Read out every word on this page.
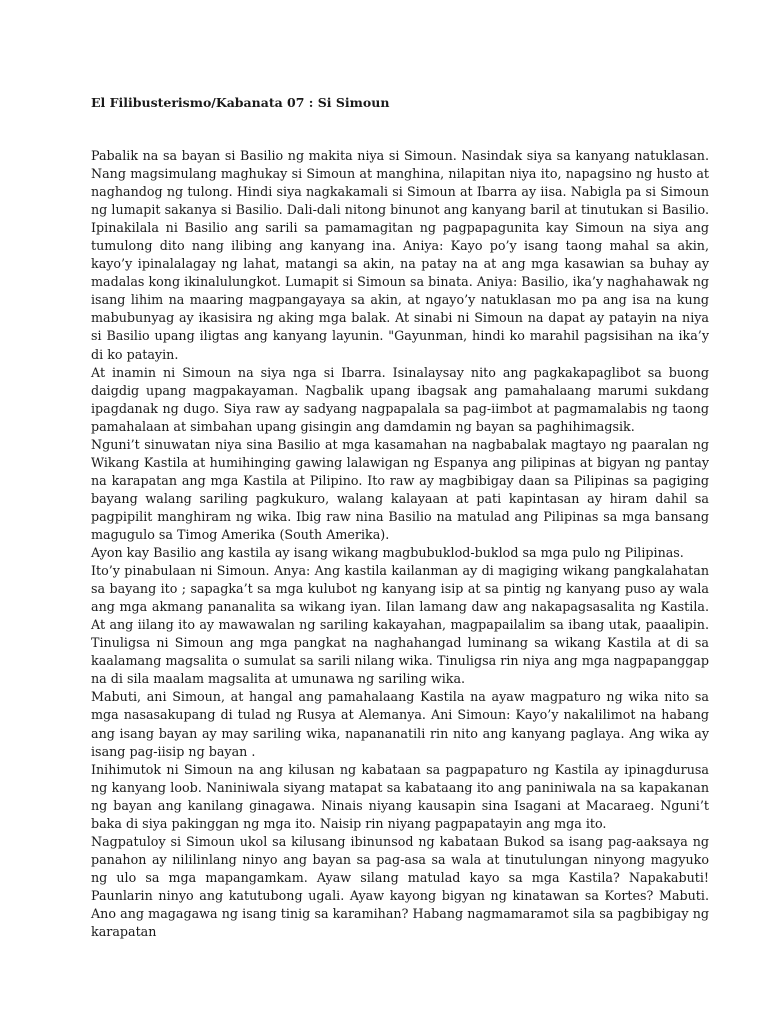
El Filibusterismo/Kabanata 07 : Si Simoun

Pabalik na sa bayan si Basilio ng makita niya si Simoun. Nasindak siya sa kanyang natuklasan. Nang magsimulang maghukay si Simoun at manghina, nilapitan niya ito, napagsino ng husto at naghandog ng tulong. Hindi siya nagkakamali si Simoun at Ibarra ay iisa. Nabigla pa si Simoun ng lumapit sakanya si Basilio. Dali-dali nitong binunot ang kanyang baril at tinutukan si Basilio. Ipinakilala ni Basilio ang sarili sa pamamagitan ng pagpapagunita kay Simoun na siya ang tumulong dito nang ilibing ang kanyang ina. Aniya: Kayo po’y isang taong mahal sa akin, kayo’y ipinalalagay ng lahat, matangi sa akin, na patay na at ang mga kasawian sa buhay ay madalas kong ikinalulungkot. Lumapit si Simoun sa binata. Aniya: Basilio, ika’y naghahawak ng isang lihim na maaring magpangayaya sa akin, at ngayo’y natuklasan mo pa ang isa na kung mabubunyag ay ikasisira ng aking mga balak. At sinabi ni Simoun na dapat ay patayin na niya si Basilio upang iligtas ang kanyang layunin. "Gayunman, hindi ko marahil pagsisihan na ika’y di ko patayin.

At inamin ni Simoun na siya nga si Ibarra. Isinalaysay nito ang pagkakapaglibot sa buong daigdig upang magpakayaman. Nagbalik upang ibagsak ang pamahalaang marumi sukdang ipagdanak ng dugo. Siya raw ay sadyang nagpapalala sa pag-iimbot at pagmamalabis ng taong pamahalaan at simbahan upang gisingin ang damdamin ng bayan sa paghihimagsik.

Nguni’t sinuwatan niya sina Basilio at mga kasamahan na nagbabalak magtayo ng paaralan ng Wikang Kastila at humihinging gawing lalawigan ng Espanya ang pilipinas at bigyan ng pantay na karapatan ang mga Kastila at Pilipino. Ito raw ay magbibigay daan sa Pilipinas sa pagiging bayang walang sariling pagkukuro, walang kalayaan at pati kapintasan ay hiram dahil sa pagpipilit manghiram ng wika. Ibig raw nina Basilio na matulad ang Pilipinas sa mga bansang magugulo sa Timog Amerika (South Amerika).

Ayon kay Basilio ang kastila ay isang wikang magbubuklod-buklod sa mga pulo ng Pilipinas.

Ito’y pinabulaan ni Simoun. Anya: Ang kastila kailanman ay di magiging wikang pangkalahatan sa bayang ito ; sapagka’t sa mga kulubot ng kanyang isip at sa pintig ng kanyang puso ay wala ang mga akmang pananalita sa wikang iyan. Iilan lamang daw ang nakapagsasalita ng Kastila. At ang iilang ito ay mawawalan ng sariling kakayahan, magpapailalim sa ibang utak, paaalipin. Tinuligsa ni Simoun ang mga pangkat na naghahangad luminang sa wikang Kastila at di sa kaalamang magsalita o sumulat sa sarili nilang wika. Tinuligsa rin niya ang mga nagpapanggap na di sila maalam magsalita at umunawa ng sariling wika.

Mabuti, ani Simoun, at hangal ang pamahalaang Kastila na ayaw magpaturo ng wika nito sa mga nasasakupang di tulad ng Rusya at Alemanya. Ani Simoun: Kayo’y nakalilimot na habang ang isang bayan ay may sariling wika, napananatili rin nito ang kanyang paglaya. Ang wika ay isang pag-iisip ng bayan .

Inihimutok ni Simoun na ang kilusan ng kabataan sa pagpapaturo ng Kastila ay ipinagdurusa ng kanyang loob. Naniniwala siyang matapat sa kabataang ito ang paniniwala na sa kapakanan ng bayan ang kanilang ginagawa. Ninais niyang kausapin sina Isagani at Macaraeg. Nguni’t baka di siya pakinggan ng mga ito. Naisip rin niyang pagpapatayin ang mga ito.

Nagpatuloy si Simoun ukol sa kilusang ibinunsod ng kabataan Bukod sa isang pag-aaksaya ng panahon ay nililinlang ninyo ang bayan sa pag-asa sa wala at tinutulungan ninyong magyuko ng ulo sa mga mapangamkam. Ayaw silang matulad kayo sa mga Kastila? Napakabuti! Paunlarin ninyo ang katutubong ugali. Ayaw kayong bigyan ng kinatawan sa Kortes? Mabuti. Ano ang magagawa ng isang tinig sa karamihan? Habang nagmamaramot sila sa pagbibigay ng karapatan
